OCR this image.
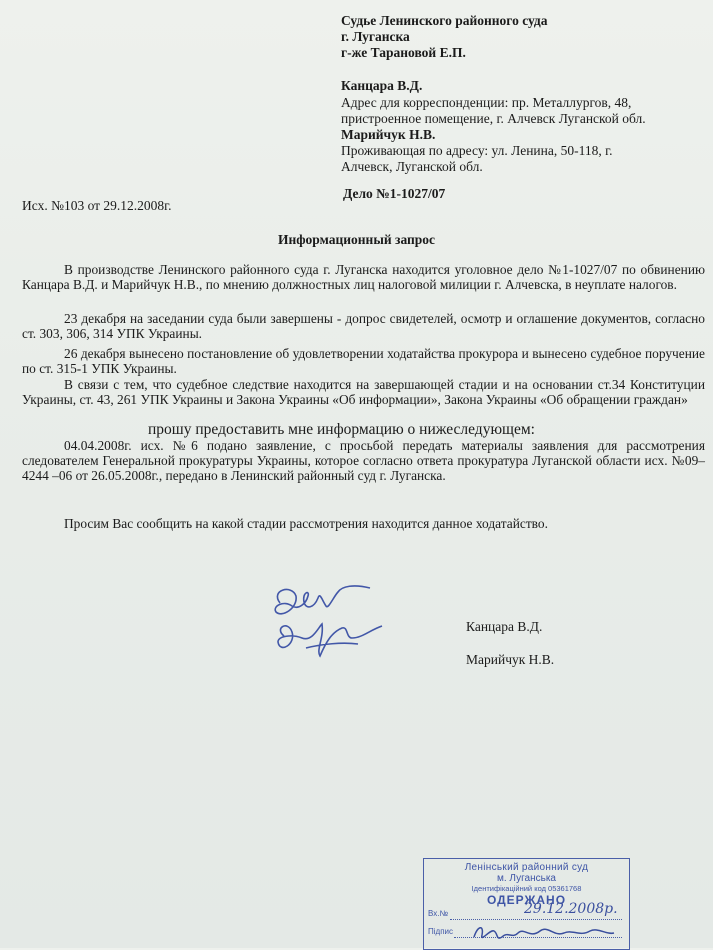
Судье Ленинского районного суда
г. Луганска
г-же Тарановой Е.П.
Канцара В.Д.
Адрес для корреспонденции: пр. Металлургов, 48,
пристроенное помещение, г. Алчевск Луганской обл.
Марийчук Н.В.
Проживающая по адресу: ул. Ленина, 50-118, г.
Алчевск, Луганской обл.
Дело №1-1027/07
Исх. №103 от 29.12.2008г.
Информационный запрос
В производстве Ленинского районного суда г. Луганска находится уголовное дело №1-1027/07 по обвинению Канцара В.Д. и Марийчук Н.В., по мнению должностных лиц налоговой милиции г. Алчевска, в неуплате налогов.
23 декабря на заседании суда были завершены - допрос свидетелей, осмотр и оглашение документов, согласно ст. 303, 306, 314 УПК Украины.
26 декабря вынесено постановление об удовлетворении ходатайства прокурора и вынесено судебное поручение по ст. 315-1 УПК Украины.
В связи с тем, что судебное следствие находится на завершающей стадии и на основании ст.34 Конституции Украины, ст. 43, 261 УПК Украины и Закона Украины «Об информации», Закона Украины «Об обращении граждан»
прошу предоставить мне информацию о нижеследующем:
04.04.2008г. исх. №6 подано заявление, с просьбой передать материалы заявления для рассмотрения следователем Генеральной прокуратуры Украины, которое согласно ответа прокуратура Луганской области исх. №09–4244 –06 от 26.05.2008г., передано в Ленинский районный суд г. Луганска.
Просим Вас сообщить на какой стадии рассмотрения находится данное ходатайство.
Канцара В.Д.
Марийчук Н.В.
Ленінський районний суд
м. Луганська
Ідентифікаційний код 05361768
ОДЕРЖАНО
Вх.№
Підпис
29.12.2008р.
